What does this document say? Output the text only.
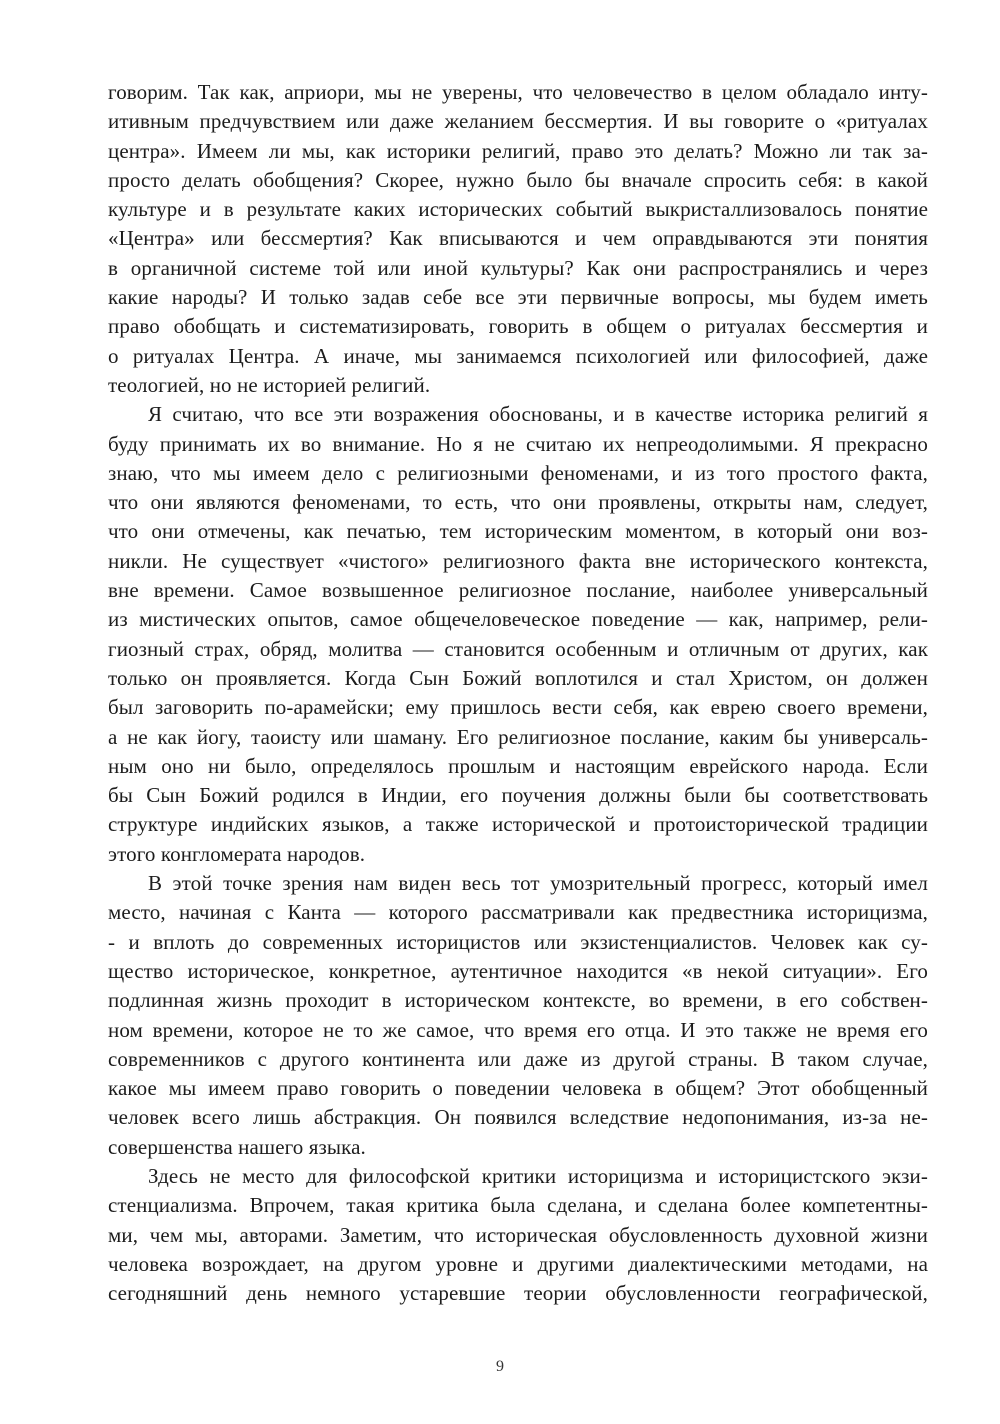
говорим. Так как, априори, мы не уверены, что человечество в целом обладало инту-
итивным предчувствием или даже желанием бессмертия. И вы говорите о «ритуалах
центра». Имеем ли мы, как историки религий, право это делать? Можно ли так за-
просто делать обобщения? Скорее, нужно было бы вначале спросить себя: в какой
культуре и в результате каких исторических событий выкристаллизовалось понятие
«Центра» или бессмертия? Как вписываются и чем оправдываются эти понятия
в органичной системе той или иной культуры? Как они распространялись и через
какие народы? И только задав себе все эти первичные вопросы, мы будем иметь
право обобщать и систематизировать, говорить в общем о ритуалах бессмертия и
о ритуалах Центра. А иначе, мы занимаемся психологией или философией, даже
теологией, но не историей религий.
Я считаю, что все эти возражения обоснованы, и в качестве историка религий я
буду принимать их во внимание. Но я не считаю их непреодолимыми. Я прекрасно
знаю, что мы имеем дело с религиозными феноменами, и из того простого факта,
что они являются феноменами, то есть, что они проявлены, открыты нам, следует,
что они отмечены, как печатью, тем историческим моментом, в который они воз-
никли. Не существует «чистого» религиозного факта вне исторического контекста,
вне времени. Самое возвышенное религиозное послание, наиболее универсальный
из мистических опытов, самое общечеловеческое поведение — как, например, рели-
гиозный страх, обряд, молитва — становится особенным и отличным от других, как
только он проявляется. Когда Сын Божий воплотился и стал Христом, он должен
был заговорить по-арамейски; ему пришлось вести себя, как еврею своего времени,
а не как йогу, таоисту или шаману. Его религиозное послание, каким бы универсаль-
ным оно ни было, определялось прошлым и настоящим еврейского народа. Если
бы Сын Божий родился в Индии, его поучения должны были бы соответствовать
структуре индийских языков, а также исторической и протоисторической традиции
этого конгломерата народов.
В этой точке зрения нам виден весь тот умозрительный прогресс, который имел
место, начиная с Канта — которого рассматривали как предвестника историцизма,
- и вплоть до современных историцистов или экзистенциалистов. Человек как су-
щество историческое, конкретное, аутентичное находится «в некой ситуации». Его
подлинная жизнь проходит в историческом контексте, во времени, в его собствен-
ном времени, которое не то же самое, что время его отца. И это также не время его
современников с другого континента или даже из другой страны. В таком случае,
какое мы имеем право говорить о поведении человека в общем? Этот обобщенный
человек всего лишь абстракция. Он появился вследствие недопонимания, из-за не-
совершенства нашего языка.
Здесь не место для философской критики историцизма и историцистского экзи-
стенциализма. Впрочем, такая критика была сделана, и сделана более компетентны-
ми, чем мы, авторами. Заметим, что историческая обусловленность духовной жизни
человека возрождает, на другом уровне и другими диалектическими методами, на
сегодняшний день немного устаревшие теории обусловленности географической,
9
